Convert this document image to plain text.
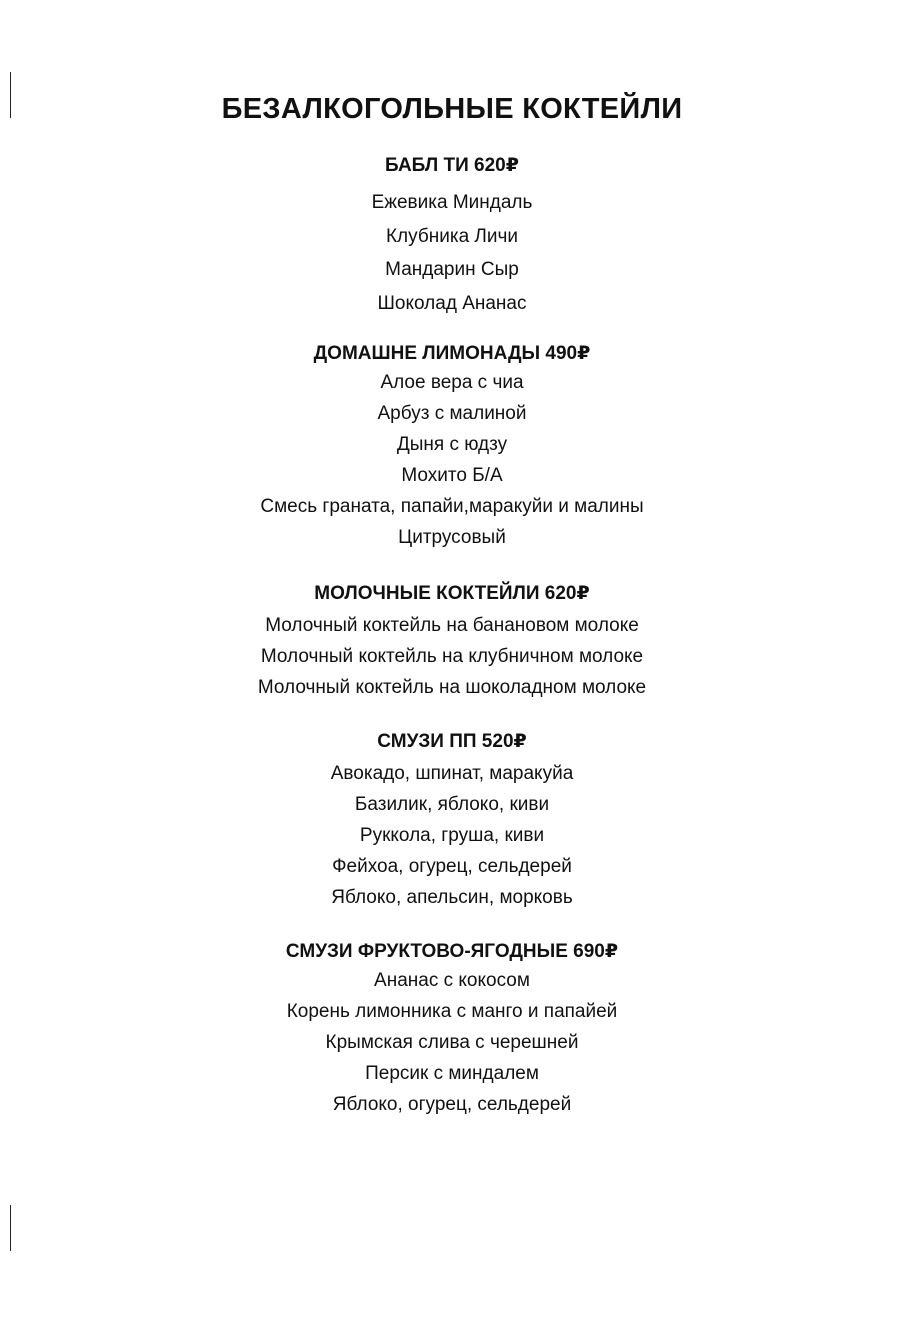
БЕЗАЛКОГОЛЬНЫЕ КОКТЕЙЛИ
БАБЛ ТИ 620₽
Ежевика Миндаль
Клубника Личи
Мандарин Сыр
Шоколад Ананас
ДОМАШНЕ ЛИМОНАДЫ 490₽
Алое вера с чиа
Арбуз с малиной
Дыня с юдзу
Мохито Б/А
Смесь граната, папайи,маракуйи и малины
Цитрусовый
МОЛОЧНЫЕ КОКТЕЙЛИ 620₽
Молочный коктейль на банановом молоке
Молочный коктейль на клубничном молоке
Молочный коктейль на шоколадном молоке
СМУЗИ ПП 520₽
Авокадо, шпинат, маракуйа
Базилик, яблоко, киви
Руккола, груша, киви
Фейхоа, огурец, сельдерей
Яблоко, апельсин, морковь
СМУЗИ ФРУКТОВО-ЯГОДНЫЕ 690₽
Ананас с кокосом
Корень лимонника с манго и папайей
Крымская слива с черешней
Персик с миндалем
Яблоко, огурец, сельдерей
